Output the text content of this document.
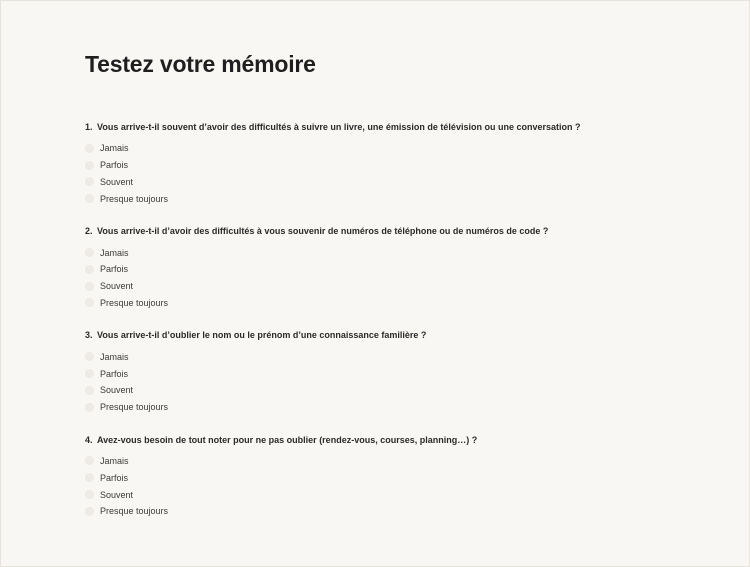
Testez votre mémoire

1. Vous arrive-t-il souvent d’avoir des difficultés à suivre un livre, une émission de télévision ou une conversation ?

Jamais
Parfois
Souvent
Presque toujours

2. Vous arrive-t-il d’avoir des difficultés à vous souvenir de numéros de téléphone ou de numéros de code ?

Jamais
Parfois
Souvent
Presque toujours

3. Vous arrive-t-il d’oublier le nom ou le prénom d’une connaissance familière ?

Jamais
Parfois
Souvent
Presque toujours

4. Avez-vous besoin de tout noter pour ne pas oublier (rendez-vous, courses, planning…) ?

Jamais
Parfois
Souvent
Presque toujours
